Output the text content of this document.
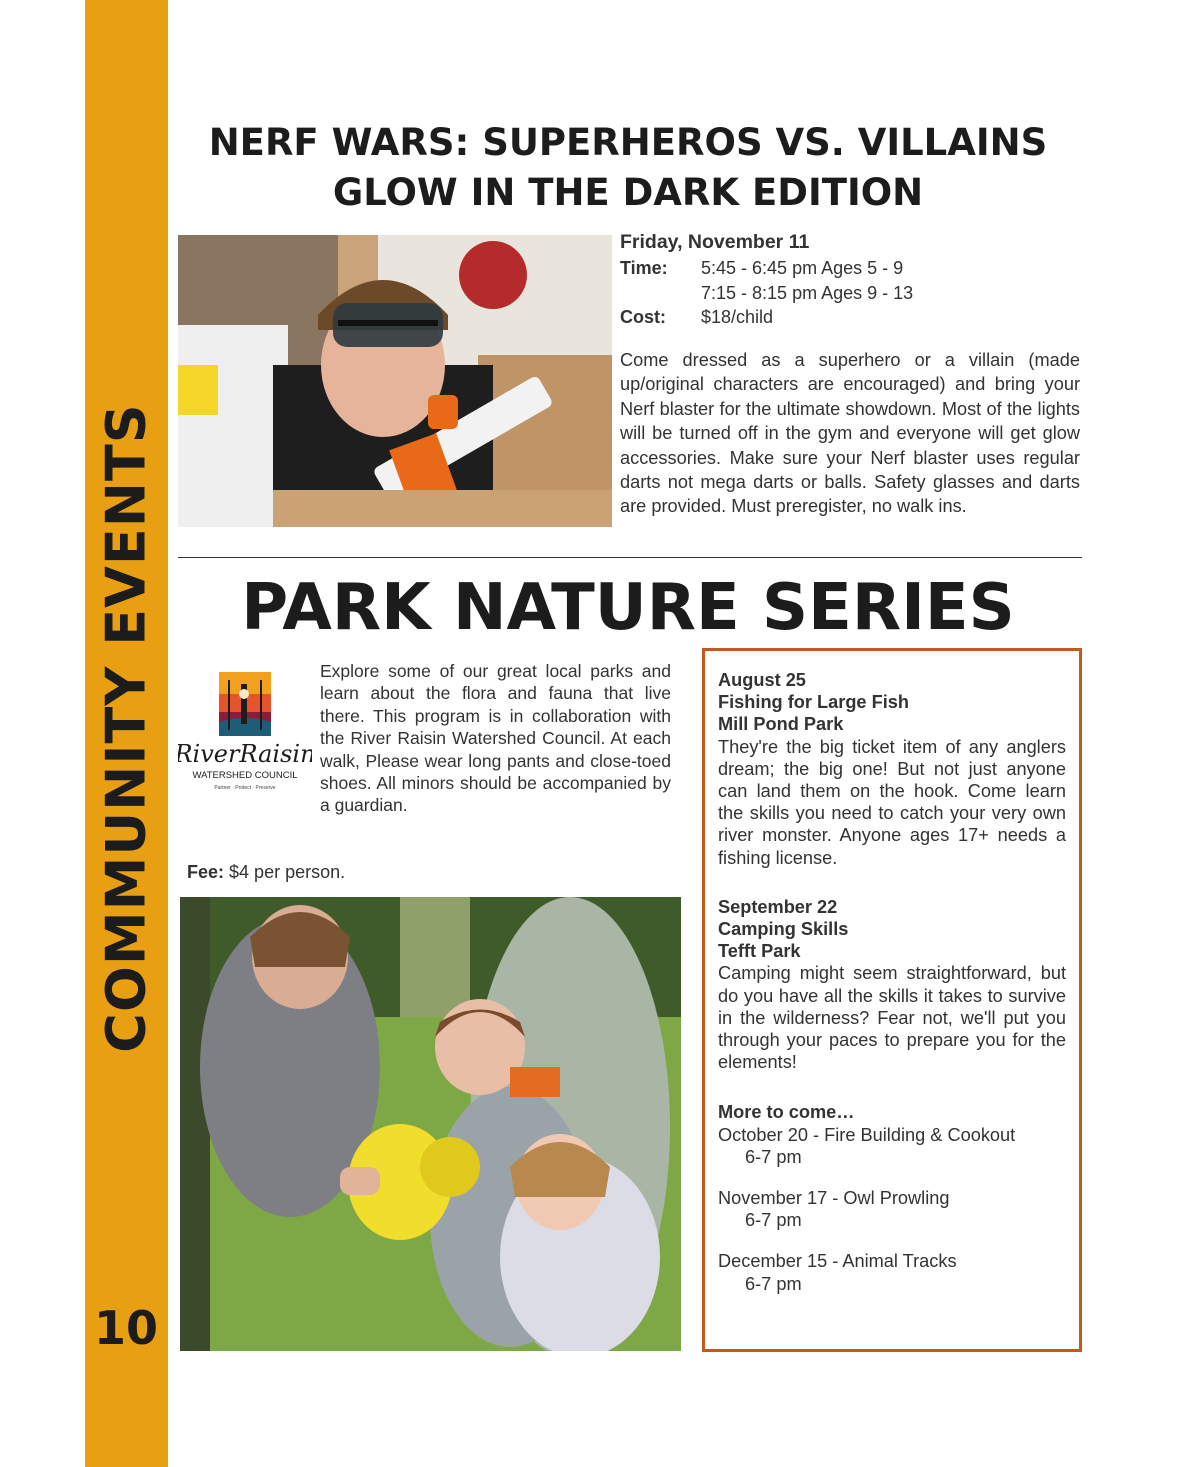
COMMUNITY EVENTS
10
NERF WARS: SUPERHEROS VS. VILLAINS
GLOW IN THE DARK EDITION
Friday, November 11
Time: 5:45 - 6:45 pm Ages 5 - 9
7:15 - 8:15 pm Ages 9 - 13
Cost: $18/child

Come dressed as a superhero or a villain (made up/original characters are encouraged) and bring your Nerf blaster for the ultimate showdown. Most of the lights will be turned off in the gym and everyone will get glow accessories. Make sure your Nerf blaster uses regular darts not mega darts or balls. Safety glasses and darts are provided. Must preregister, no walk ins.

PARK NATURE SERIES
RiverRaisin
WATERSHED COUNCIL
Partner · Protect · Preserve

Explore some of our great local parks and learn about the flora and fauna that live there. This program is in collaboration with the River Raisin Watershed Council. At each walk, Please wear long pants and close-toed shoes. All minors should be accompanied by a guardian.

Fee: $4 per person.
August 25
Fishing for Large Fish
Mill Pond Park

They're the big ticket item of any anglers dream; the big one! But not just anyone can land them on the hook. Come learn the skills you need to catch your very own river monster. Anyone ages 17+ needs a fishing license.

September 22
Camping Skills
Tefft Park

Camping might seem straightforward, but do you have all the skills it takes to survive in the wilderness? Fear not, we'll put you through your paces to prepare you for the elements!

More to come…
October 20 - Fire Building & Cookout
6-7 pm
November 17 - Owl Prowling
6-7 pm
December 15 - Animal Tracks
6-7 pm
